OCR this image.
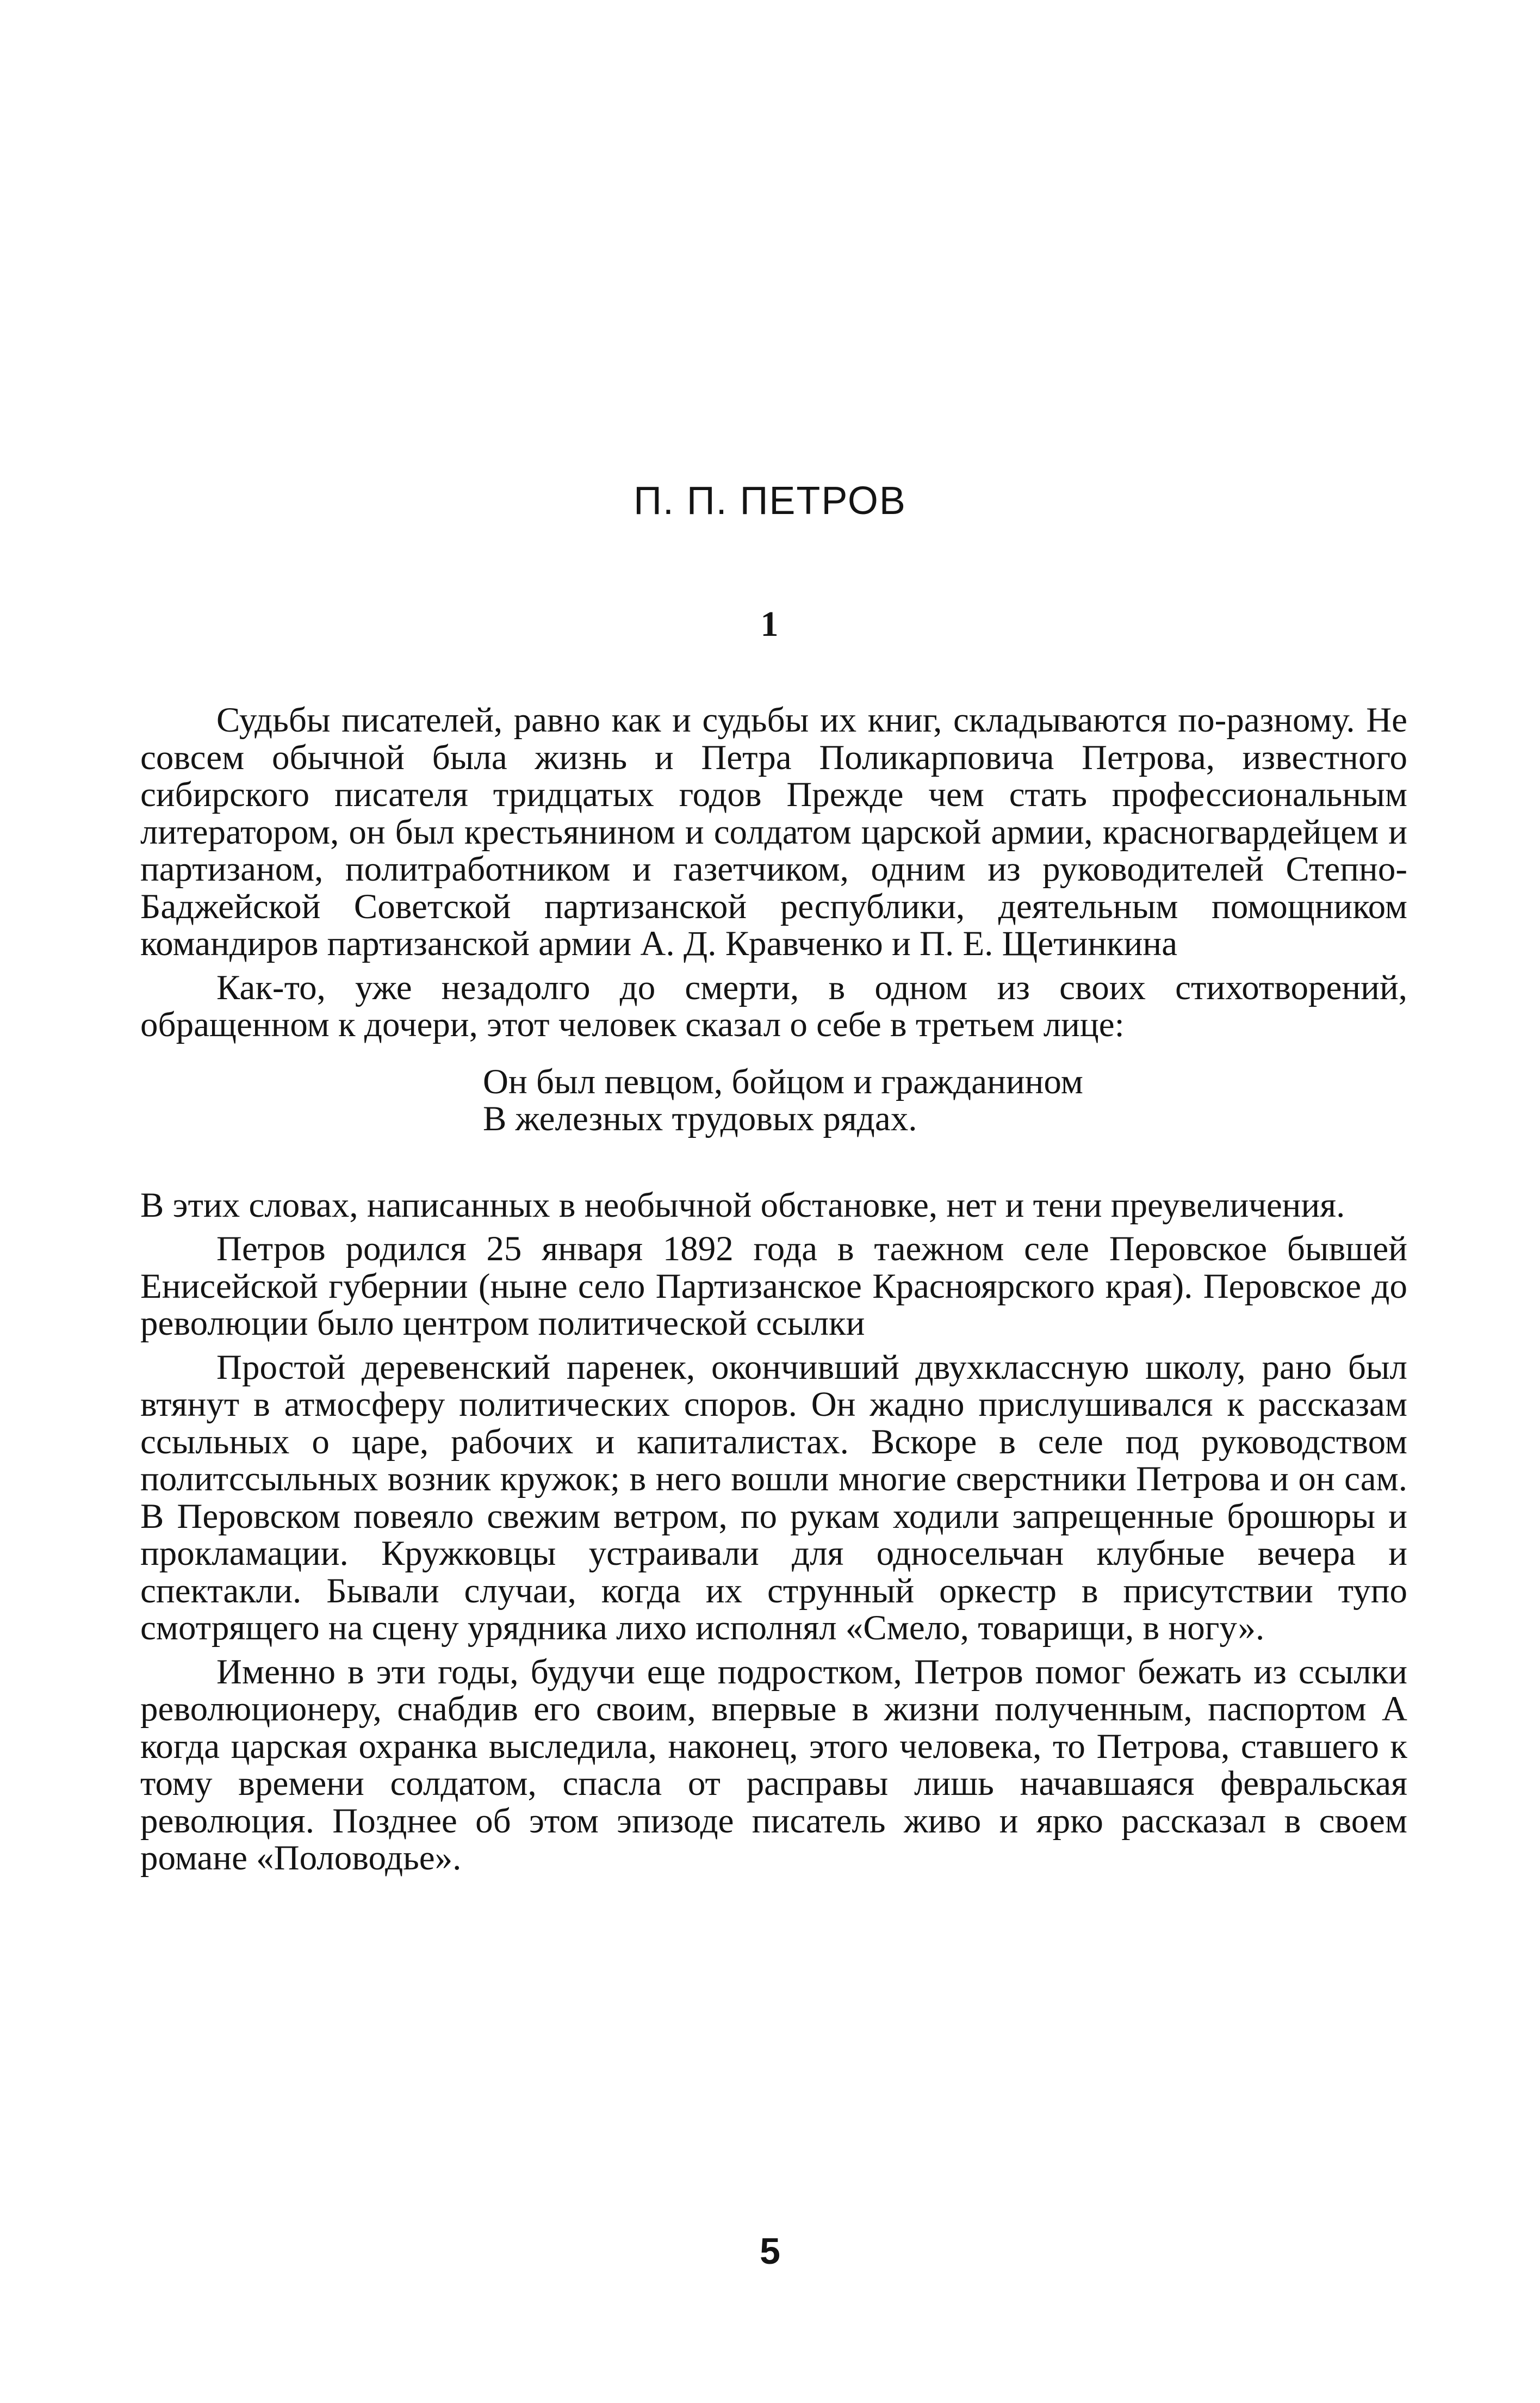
П. П. ПЕТРОВ
1

Судьбы писателей, равно как и судьбы их книг, складываются по-разному. Не совсем обычной была жизнь и Петра Поликарповича Петрова, известного сибирского писателя тридцатых годов Прежде чем стать профессиональным литератором, он был крестьянином и солдатом царской армии, красногвардейцем и партизаном, политработником и газетчиком, одним из руководителей Степно-Баджейской Советской партизанской республики, деятельным помощником командиров партизанской армии А. Д. Кравченко и П. Е. Щетинкина

Как-то, уже незадолго до смерти, в одном из своих стихотворений, обращенном к дочери, этот человек сказал о себе в третьем лице:

Он был певцом, бойцом и гражданином
В железных трудовых рядах.

В этих словах, написанных в необычной обстановке, нет и тени преувеличения.

Петров родился 25 января 1892 года в таежном селе Перовское бывшей Енисейской губернии (ныне село Партизанское Красноярского края). Перовское до революции было центром политической ссылки

Простой деревенский паренек, окончивший двухклассную школу, рано был втянут в атмосферу политических споров. Он жадно прислушивался к рассказам ссыльных о царе, рабочих и капиталистах. Вскоре в селе под руководством политссыльных возник кружок; в него вошли многие сверстники Петрова и он сам. В Перовском повеяло свежим ветром, по рукам ходили запрещенные брошюры и прокламации. Кружковцы устраивали для односельчан клубные вечера и спектакли. Бывали случаи, когда их струнный оркестр в присутствии тупо смотрящего на сцену урядника лихо исполнял «Смело, товарищи, в ногу».

Именно в эти годы, будучи еще подростком, Петров помог бежать из ссылки революционеру, снабдив его своим, впервые в жизни полученным, паспортом А когда царская охранка выследила, наконец, этого человека, то Петрова, ставшего к тому времени солдатом, спасла от расправы лишь начавшаяся февральская революция. Позднее об этом эпизоде писатель живо и ярко рассказал в своем романе «Половодье».

5
